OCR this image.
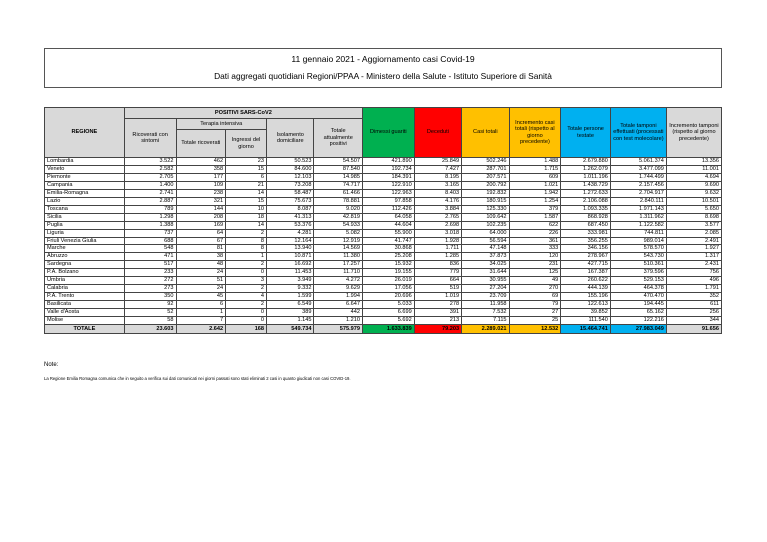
11 gennaio 2021 - Aggiornamento casi Covid-19
Dati aggregati quotidiani Regioni/PPAA - Ministero della Salute - Istituto Superiore di Sanità
REGIONE	POSITIVI SARS-CoV2					Dimessi guariti	Deceduti	Casi totali	Incremento casi totali (rispetto al giorno precedente)	Totale persone testate	Totale tamponi effettuati (processati con test molecolare)	Incremento tamponi (rispetto al giorno precedente)
	Ricoverati con sintomi	Terapia intensiva		Isolamento domiciliare	Totale attualmente positivi							
		Totale ricoverati	Ingressi del giorno									
Lombardia	3.522	462	23	50.523	54.507	421.890	25.849	502.246	1.488	2.679.880	5.061.374	13.356
Veneto	2.582	358	15	84.600	87.540	192.734	7.427	287.701	1.715	1.262.079	3.477.099	11.001
Piemonte	2.705	177	6	12.103	14.985	184.391	8.195	207.571	609	1.011.196	1.744.499	4.694
Campania	1.400	109	21	73.208	74.717	122.910	3.165	200.792	1.021	1.438.729	2.157.456	9.690
Emilia-Romagna	2.741	238	14	58.487	61.466	122.963	8.403	192.832	1.942	1.272.633	2.704.917	9.632
Lazio	2.887	321	15	75.673	78.881	97.858	4.176	180.915	1.254	2.106.088	2.840.111	10.501
Toscana	789	144	10	8.087	9.020	112.426	3.884	125.330	379	1.093.335	1.971.143	5.650
Sicilia	1.298	208	18	41.313	42.819	64.058	2.765	109.642	1.587	868.928	1.311.962	8.698
Puglia	1.388	169	14	53.376	54.933	44.604	2.698	102.235	622	687.450	1.122.582	3.577
Liguria	737	64	2	4.281	5.082	55.900	3.018	64.000	226	333.981	744.811	2.085
Friuli Venezia Giulia	688	67	8	12.164	12.919	41.747	1.928	56.594	361	356.255	989.014	2.491
Marche	548	81	8	13.940	14.569	30.868	1.711	47.148	333	346.156	578.570	1.927
Abruzzo	471	38	1	10.871	11.380	25.208	1.285	37.873	120	278.967	543.730	1.317
Sardegna	517	48	2	16.692	17.257	15.932	836	34.025	231	427.715	510.361	2.431
P.A. Bolzano	233	24	0	11.453	11.710	19.155	779	31.644	125	167.387	379.596	756
Umbria	272	51	3	3.949	4.272	26.019	664	30.955	49	260.622	529.153	496
Calabria	273	24	2	9.332	9.629	17.056	519	27.204	270	444.139	464.378	1.791
P.A. Trento	350	45	4	1.599	1.994	20.696	1.019	23.709	69	155.196	470.470	352
Basilicata	92	6	2	6.549	6.647	5.033	278	11.958	79	122.613	194.445	611
Valle d'Aosta	52	1	0	389	442	6.699	391	7.532	27	39.852	65.162	256
Molise	58	7	0	1.145	1.210	5.692	213	7.115	25	111.540	122.216	344
TOTALE	23.603	2.642	168	549.734	575.979	1.633.839	79.203	2.289.021	12.532	15.464.741	27.983.049	91.656
Note:
La Regione Emilia Romagna comunica che in seguito a verifica sui dati comunicati nei giorni passati sono stati eliminati 2 casi in quanto giudicati non casi COVID-19.
